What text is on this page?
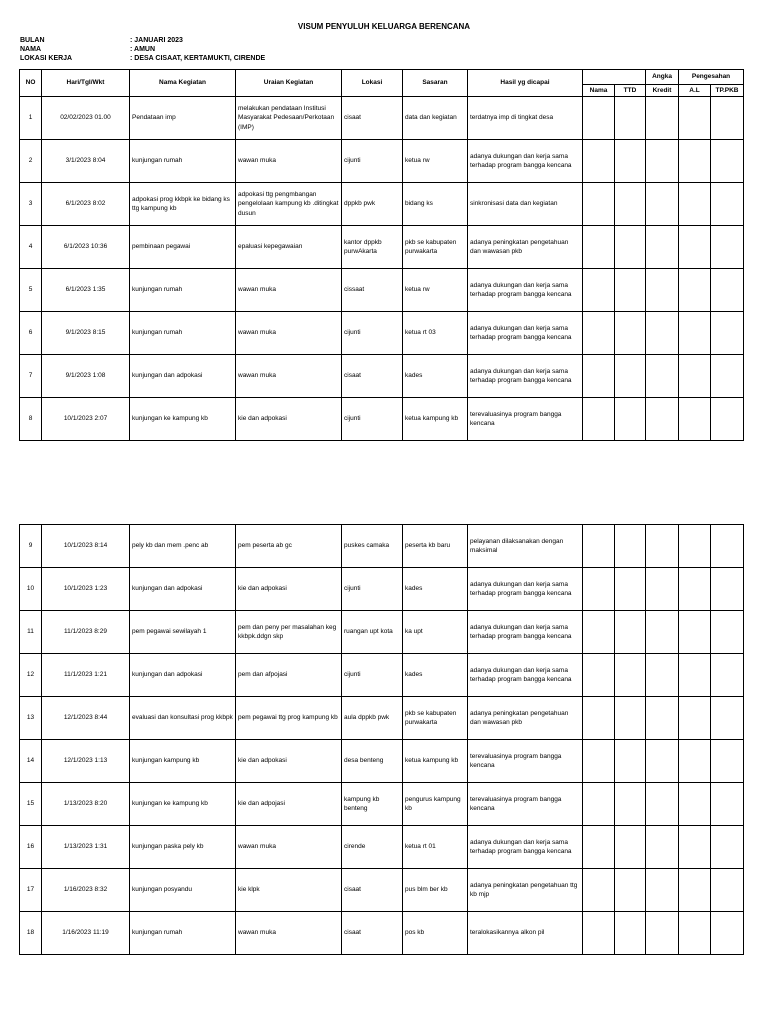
VISUM PENYULUH KELUARGA BERENCANA
BULAN	: JANUARI 2023
NAMA	: AMUN
LOKASI KERJA	: DESA CISAAT, KERTAMUKTI, CIRENDE
NO	Hari/Tgl/Wkt	Nama Kegiatan	Uraian Kegiatan	Lokasi	Sasaran	Hasil yg dicapai			Angka	Pengesahan	
							Nama	TTD	Kredit	A.L	TP.PKB
1	02/02/2023 01.00	Pendataan imp	melakukan pendataan Institusi Masyarakat Pedesaan/Perkotaan (IMP)	cisaat	data dan kegiatan	terdatnya imp di tingkat desa					
2	3/1/2023 8:04	kunjungan rumah	wawan muka	cijunti	ketua rw	adanya dukungan dan kerja sama terhadap program bangga kencana					
3	6/1/2023 8:02	adpokasi prog kkbpk ke bidang ks ttg kampung kb	adpokasi ttg pengmbangan pengelolaan kampung kb .ditingkat dusun	dppkb pwk	bidang ks	sinkronisasi data dan kegiatan					
4	6/1/2023 10:36	pembinaan pegawai	epaluasi kepegawaian	kantor dppkb purwAkarta	pkb se kabupaten purwakarta	adanya peningkatan pengetahuan dan wawasan pkb					
5	6/1/2023 1:35	kunjungan rumah	wawan muka	cissaat	ketua rw	adanya dukungan dan kerja sama terhadap program bangga kencana					
6	9/1/2023 8:15	kunjungan rumah	wawan muka	cijunti	ketua rt 03	adanya dukungan dan kerja sama terhadap program bangga kencana					
7	9/1/2023 1:08	kunjungan dan adpokasi	wawan muka	cisaat	kades	adanya dukungan dan kerja sama terhadap program bangga kencana					
8	10/1/2023 2:07	kunjungan ke kampung kb	kie dan adpokasi	cijunti	ketua kampung kb	terevaluasinya program bangga kencana					
9	10/1/2023 8:14	pely kb dan mem .penc ab	pem peserta ab gc	puskes camaka	peserta kb baru	pelayanan dilaksanakan dengan maksimal					
10	10/1/2023 1:23	kunjungan dan adpokasi	kie dan adpokasi	cijunti	kades	adanya dukungan dan kerja sama terhadap program bangga kencana					
11	11/1/2023 8:29	pem pegawai sewilayah 1	pem dan peny per masalahan keg kkbpk.ddgn skp	ruangan upt kota	ka upt	adanya dukungan dan kerja sama terhadap program bangga kencana					
12	11/1/2023 1:21	kunjungan dan adpokasi	pem dan afpojasi	cijunti	kades	adanya dukungan dan kerja sama terhadap program bangga kencana					
13	12/1/2023 8:44	evaluasi dan konsultasi prog kkbpk	pem pegawai ttg prog kampung kb	aula dppkb pwk	pkb se kabupaten purwakarta	adanya peningkatan pengetahuan dan wawasan pkb					
14	12/1/2023 1:13	kunjungan kampung kb	kie dan adpokasi	desa benteng	ketua kampung kb	terevaluasinya program bangga kencana					
15	1/13/2023 8:20	kunjungan ke kampung kb	kie dan adpojasi	kampung kb benteng	pengurus kampung kb	terevaluasinya program bangga kencana					
16	1/13/2023 1:31	kunjungan paska pely kb	wawan muka	cirende	ketua rt 01	adanya dukungan dan kerja sama terhadap program bangga kencana					
17	1/16/2023 8:32	kunjungan posyandu	kie klpk	cisaat	pus blm ber kb	adanya peningkatan pengetahuan ttg kb mjp					
18	1/16/2023 11:19	kunjungan rumah	wawan muka	cisaat	pos kb	teralokasikannya alkon pil					
